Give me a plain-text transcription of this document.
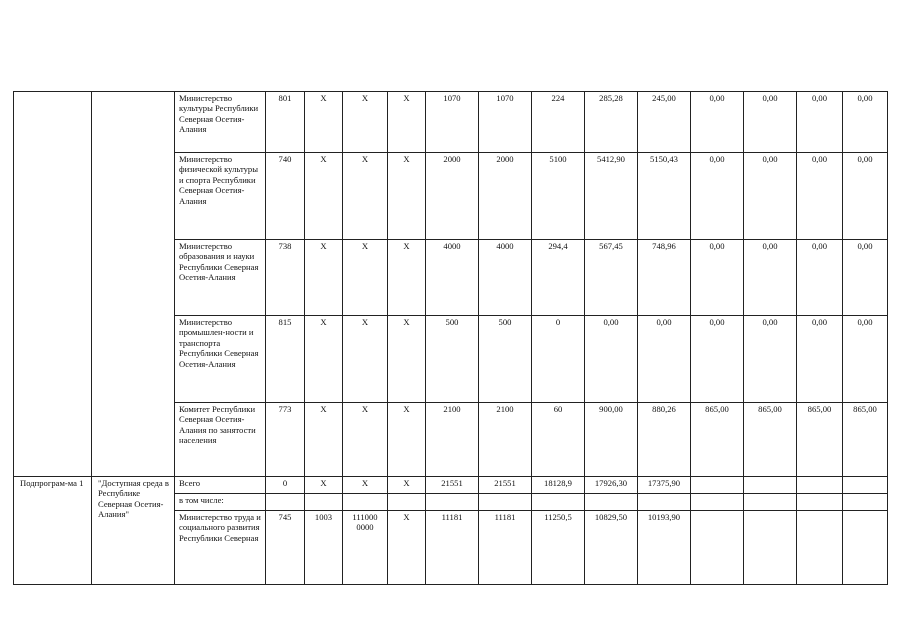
		Министерство культуры Республики Северная Осетия-Алания	801	X	X	X	1070	1070	224	285,28	245,00	0,00	0,00	0,00	0,00
		Министерство физической культуры и спорта Республики Северная Осетия-Алания	740	X	X	X	2000	2000	5100	5412,90	5150,43	0,00	0,00	0,00	0,00
		Министерство образования и науки Республики Северная Осетия-Алания	738	X	X	X	4000	4000	294,4	567,45	748,96	0,00	0,00	0,00	0,00
		Министерство промышлен-ности и транспорта Республики Северная Осетия-Алания	815	X	X	X	500	500	0	0,00	0,00	0,00	0,00	0,00	0,00
		Комитет Республики Северная Осетия-Алания по занятости населения	773	X	X	X	2100	2100	60	900,00	880,26	865,00	865,00	865,00	865,00
Подпрограм-ма 1	"Доступная среда в Республике Северная Осетия-Алания"	Всего	0	X	X	X	21551	21551	18128,9	17926,30	17375,90				
		в том числе:													
		Министерство труда и социального развития Республики Северная	745	1003	111000 0000	X	11181	11181	11250,5	10829,50	10193,90				
